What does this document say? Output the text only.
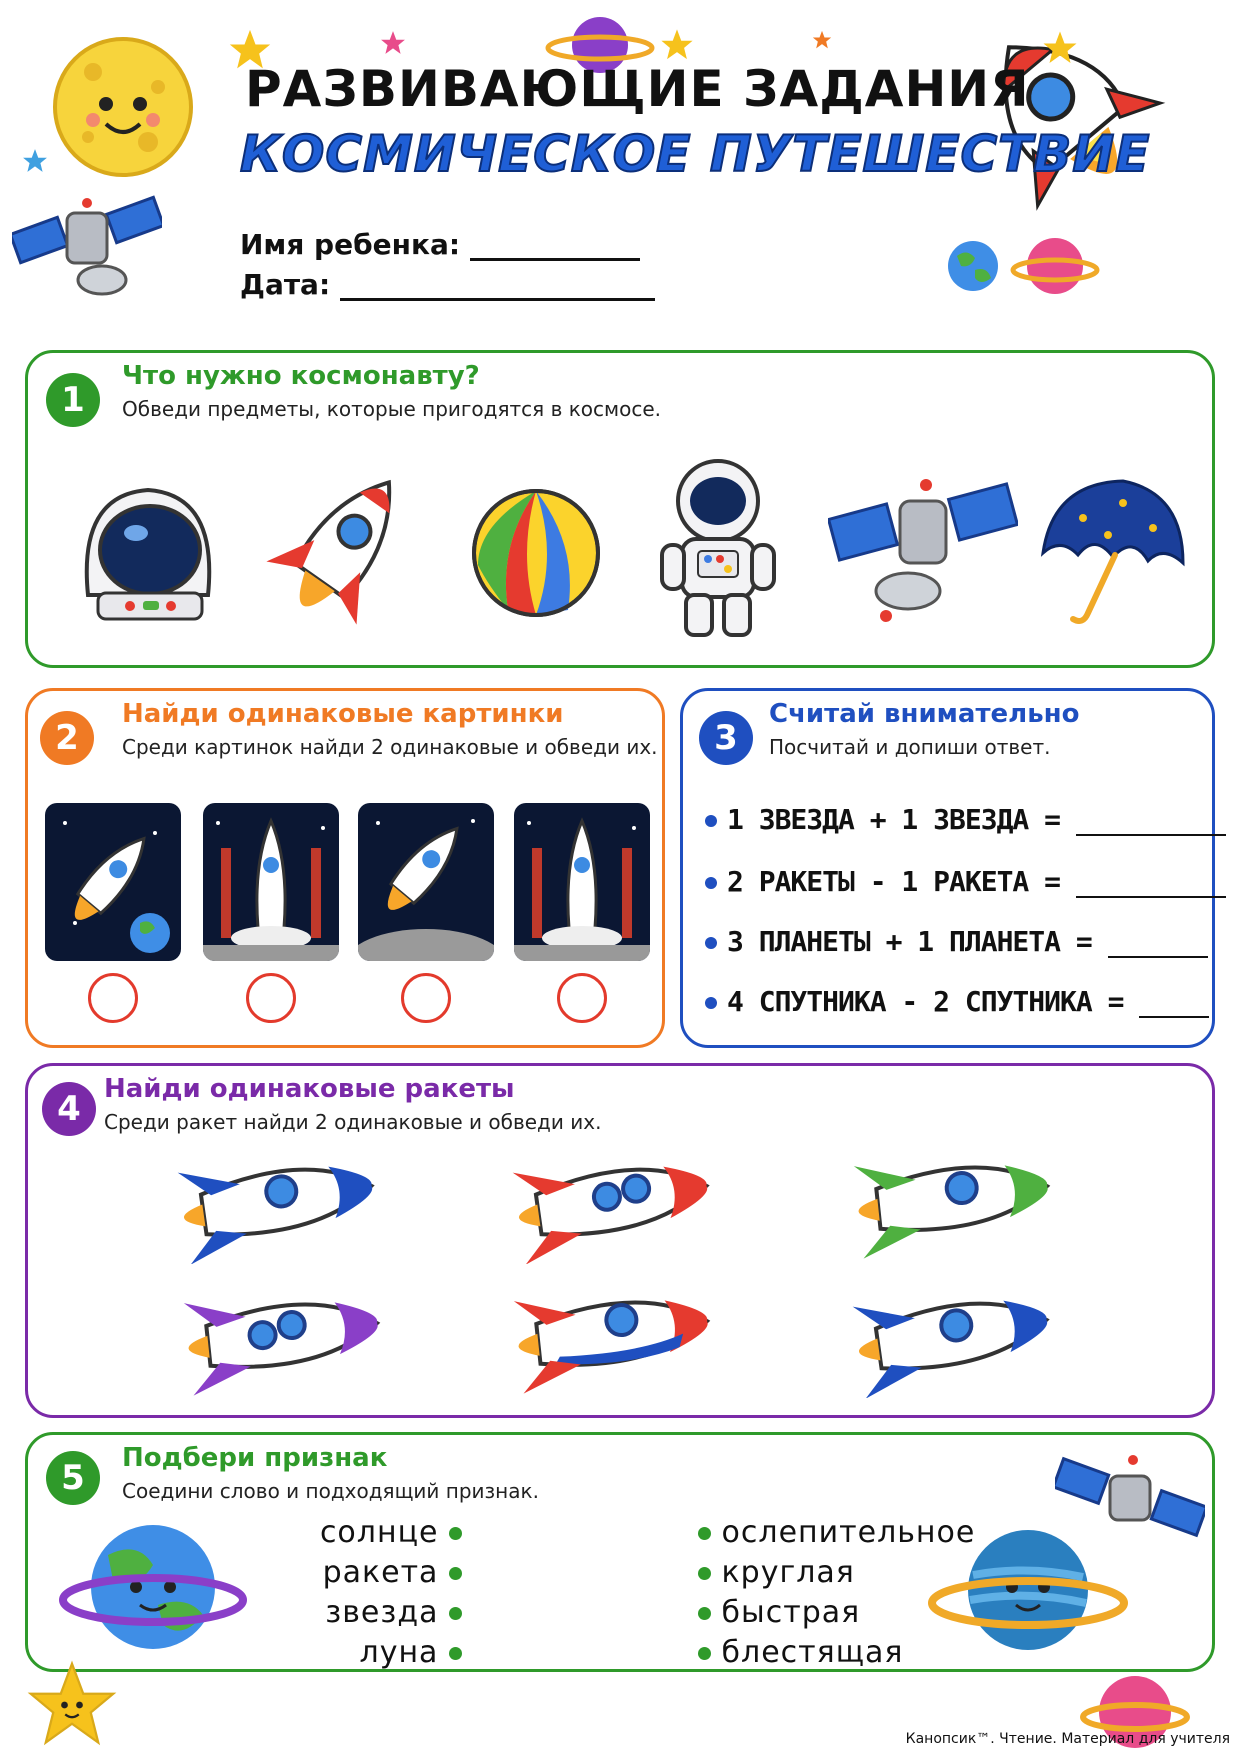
РАЗВИВАЮЩИЕ ЗАДАНИЯ
КОСМИЧЕСКОЕ ПУТЕШЕСТВИЕ
Имя ребенка:
Дата:
1
Что нужно космонавту?
Обведи предметы, которые пригодятся в космосе.
2
Найди одинаковые картинки
Среди картинок найди 2 одинаковые и обведи их.	3
Считай внимательно
Посчитай и допиши ответ.
1 ЗВЕЗДА + 1 ЗВЕЗДА =
2 РАКЕТЫ - 1 РАКЕТА =
3 ПЛАНЕТЫ + 1 ПЛАНЕТА =
4 СПУТНИКА - 2 СПУТНИКА =
4 Найди одинаковые ракеты
Среди ракет найди 2 одинаковые и обведи их.
5	Подбери признак
Соедини слово и подходящий признак.
солнце
ракета
звезда
луна
ослепительное
круглая
быстрая
блестящая
Канопсик™. Чтение. Материал для учителя
